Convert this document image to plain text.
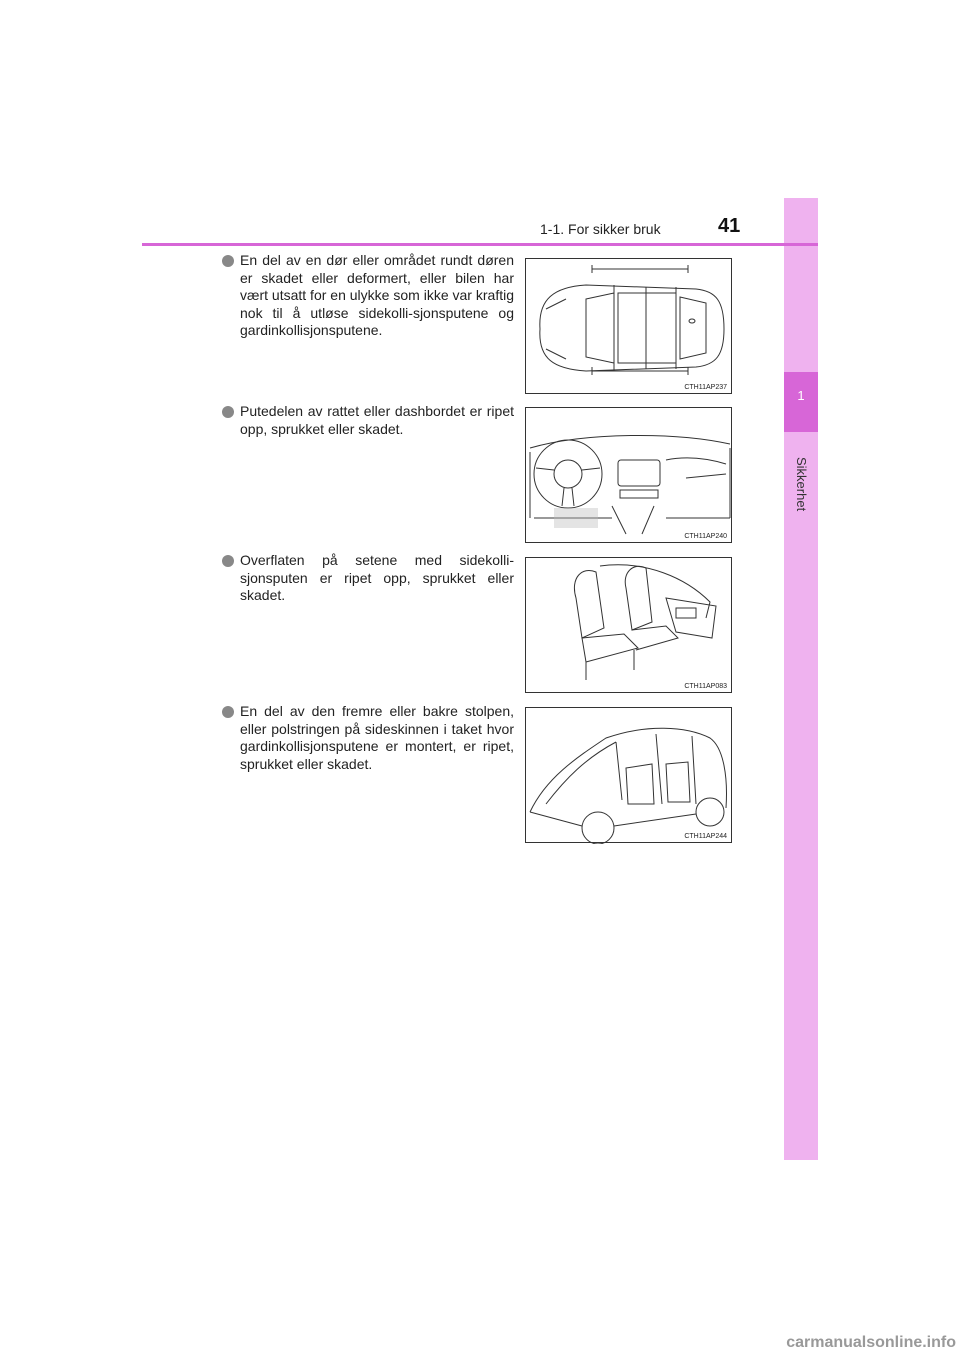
1
Sikkerhet
1-1. For sikker bruk	41
En del av en dør eller området rundt døren er skadet eller deformert, eller bilen har vært utsatt for en ulykke som ikke var kraftig nok til å utløse sidekolli-sjonsputene og gardinkollisjonsputene.
CTH11AP237
Putedelen av rattet eller dashbordet er ripet opp, sprukket eller skadet.
CTH11AP240
Overflaten på setene med sidekolli-sjonsputen er ripet opp, sprukket eller skadet.
CTH11AP083
En del av den fremre eller bakre stolpen, eller polstringen på sideskinnen i taket hvor gardinkollisjonsputene er montert, er ripet, sprukket eller skadet.
CTH11AP244
carmanualsonline.info
